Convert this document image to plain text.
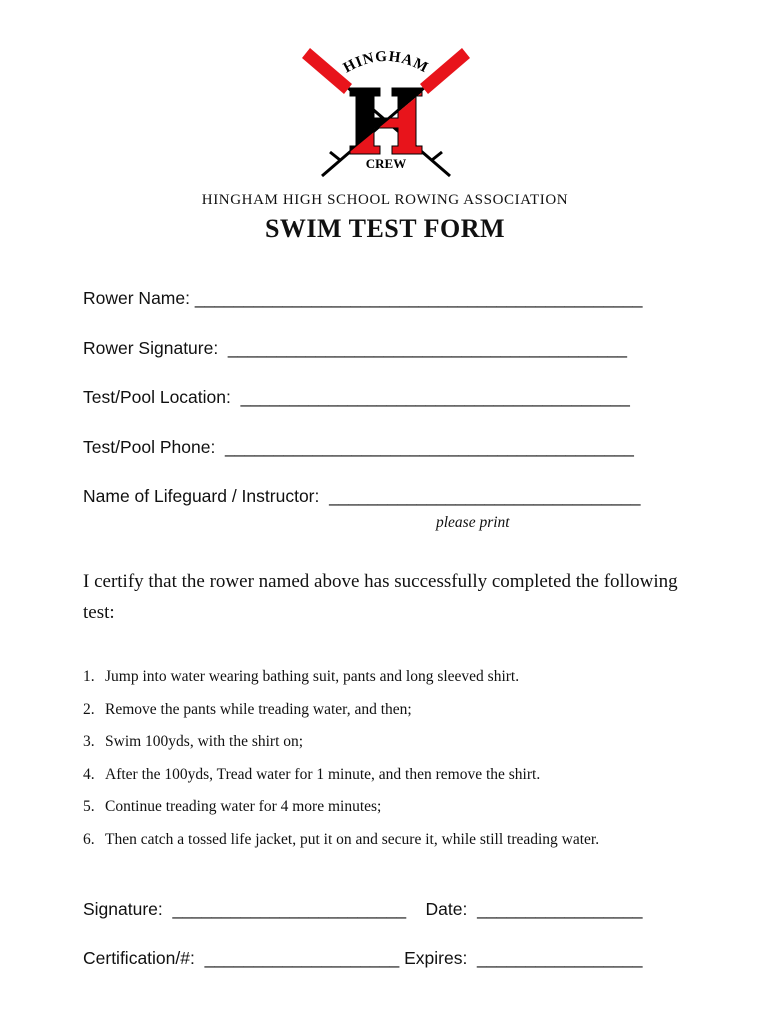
HINGHAM
CREW
HINGHAM HIGH SCHOOL ROWING ASSOCIATION
SWIM TEST FORM
Rower Name: ______________________________________________
Rower Signature:  _________________________________________
Test/Pool Location:  ________________________________________
Test/Pool Phone:  __________________________________________
Name of Lifeguard / Instructor:  ________________________________
please print
I certify that the rower named above has successfully completed the following test:
1. Jump into water wearing bathing suit, pants and long sleeved shirt.
2. Remove the pants while treading water, and then;
3. Swim 100yds, with the shirt on;
4. After the 100yds, Tread water for 1 minute, and then remove the shirt.
5. Continue treading water for 4 more minutes;
6. Then catch a tossed life jacket, put it on and secure it, while still treading water.
Signature:  ________________________    Date:  _________________
Certification/#:  ____________________ Expires:  _________________
